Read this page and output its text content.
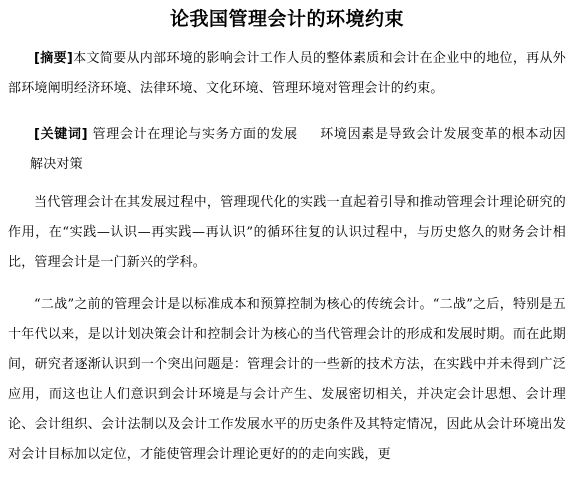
论我国管理会计的环境约束
[摘要]本文简要从内部环境的影响会计工作人员的整体素质和会计在企业中的地位，再从外部环境阐明经济环境、法律环境、文化环境、管理环境对管理会计的约束。
[关键词] 管理会计在理论与实务方面的发展 环境因素是导致会计发展变革的根本动因解决对策
当代管理会计在其发展过程中，管理现代化的实践一直起着引导和推动管理会计理论研究的作用，在“实践—认识—再实践—再认识”的循环往复的认识过程中，与历史悠久的财务会计相比，管理会计是一门新兴的学科。
“二战”之前的管理会计是以标准成本和预算控制为核心的传统会计。“二战”之后，特别是五十年代以来，是以计划决策会计和控制会计为核心的当代管理会计的形成和发展时期。而在此期间，研究者逐渐认识到一个突出问题是：管理会计的一些新的技术方法，在实践中并未得到广泛应用，而这也让人们意识到会计环境是与会计产生、发展密切相关，并决定会计思想、会计理论、会计组织、会计法制以及会计工作发展水平的历史条件及其特定情况，因此从会计环境出发对会计目标加以定位，才能使管理会计理论更好的的走向实践，更
